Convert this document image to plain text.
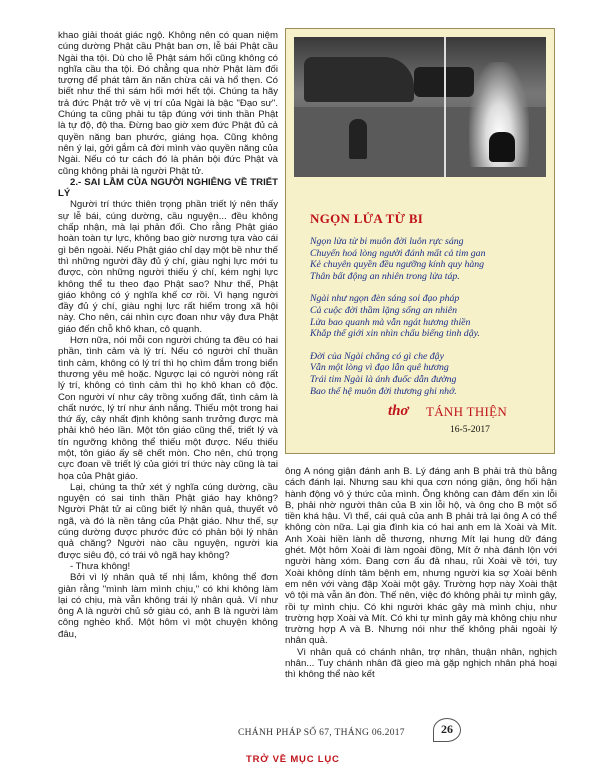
khao giải thoát giác ngộ. Không nên có quan niệm cúng dường Phật cầu Phật ban ơn, lễ bái Phật cầu Ngài tha tội. Dù cho lễ Phật sám hối cũng không có nghĩa cầu tha tội. Đó chẳng qua nhờ Phật làm đối tượng để phát tâm ăn năn chừa cải và hổ thẹn. Có biết như thế thì sám hối mới hết tội. Chúng ta hãy trả đức Phật trở về vị trí của Ngài là bậc "Đạo sư". Chúng ta cũng phải tu tập đúng với tinh thần Phật là tự độ, độ tha. Đừng bao giờ xem đức Phật đủ cả quyền năng ban phước, giáng họa. Cũng không nên ý lại, gởi gắm cả đời mình vào quyền năng của Ngài. Nếu có tư cách đó là phản bội đức Phật và cũng không phải là người Phật tử.

2.- SAI LẦM CỦA NGƯỜI NGHIÊNG VỀ TRIẾT LÝ

Người trí thức thiên trọng phần triết lý nên thấy sự lễ bái, cúng dường, cầu nguyện... đều không chấp nhận, mà lại phản đối. Cho rằng Phật giáo hoàn toàn tự lực, không bao giờ nương tựa vào cái gì bên ngoài. Nếu Phật giáo chỉ dạy một bề như thế thì những người đầy đủ ý chí, giàu nghị lực mới tu được, còn những người thiếu ý chí, kém nghị lực không thể tu theo đạo Phật sao? Như thế, Phật giáo không có ý nghĩa khế cơ rồi. Vì hạng người đầy đủ ý chí, giàu nghị lực rất hiếm trong xã hội này. Cho nên, cái nhìn cực đoan như vậy đưa Phật giáo đến chỗ khô khan, cô quạnh.

Hơn nữa, nói mỗi con người chúng ta đều có hai phần, tình cảm và lý trí. Nếu có người chỉ thuần tình cảm, không có lý trí thì họ chìm đắm trong biển thương yêu mê hoặc. Ngược lại có người nòng rất lý trí, không có tình cảm thì họ khô khan cô độc. Con người ví như cây trồng xuống đất, tình cảm là chất nước, lý trí như ánh nắng. Thiếu một trong hai thứ ấy, cây nhất định không sanh trưởng được mà phải khô héo lần. Một tôn giáo cũng thế, triết lý và tín ngưỡng không thể thiếu một được. Nếu thiếu một, tôn giáo ấy sẽ chết mòn. Cho nên, chú trọng cực đoan về triết lý của giới trí thức này cũng là tai họa của Phật giáo.

Lại, chúng ta thử xét ý nghĩa cúng dường, cầu nguyện có sai tinh thần Phật giáo hay không? Người Phật tử ai cũng biết lý nhân quả, thuyết vô ngã, và đó là nền tảng của Phật giáo. Như thế, sự cúng dường được phước đức có phản bội lý nhân quả chăng? Người nào cầu nguyện, người kia được siêu độ, có trái vô ngã hay không?

- Thưa không!

Bởi vì lý nhân quả tế nhị lắm, không thể đơn giản rằng "mình làm mình chịu," có khi không làm lại có chịu, mà vẫn không trái lý nhân quả. Ví như ông A là người chủ sở giàu có, anh B là người làm công nghèo khổ. Một hôm vì một chuyện không đâu,

NGỌN LỬA TỪ BI
Ngọn lửa từ bi muôn đời luôn rực sáng
Chuyển hoá lòng người đánh mất cả tim gan
Kẻ chuyên quyền đều ngưỡng kính quy hàng
Thân bất động an nhiên trong lửa táp.
Ngài như ngọn đèn sáng soi đạo pháp
Cả cuộc đời thầm lặng sống an nhiên
Lửa bao quanh mà vẫn ngát hương thiền
Khắp thế giới xin nhìn chấu biếng tinh dậy.
Đời của Ngài chẳng có gì che đậy
Vẫn một lòng vì đạo lẫn quê hương
Trái tim Ngài là ánh đuốc dẫn đường
Bao thế hệ muôn đời thương ghi nhớ.
thơ TÁNH THIỆN
16-5-2017

ông A nóng giận đánh anh B. Lý đáng anh B phải trả thù bằng cách đánh lại. Nhưng sau khi qua cơn nóng giận, ông hối hận hành động vô ý thức của mình. Ông không can đảm đến xin lỗi B, phải nhờ người thân của B xin lỗi hộ, và ông cho B một số tiền khá hậu. Vì thế, cái quả của anh B phải trả lại ông A có thể không còn nữa. Lại gia đình kia có hai anh em là Xoài và Mít. Anh Xoài hiền lành dễ thương, nhưng Mít lại hung dữ đáng ghét. Một hôm Xoài đi làm ngoài đồng, Mít ở nhà đánh lộn với người hàng xóm. Đang cơn ẩu đả nhau, rủi Xoài về tới, tuy Xoài không dính tâm bệnh em, nhưng người kia sợ Xoài bênh em nên với vàng đập Xoài một gậy. Trường hợp này Xoài thật vô tội mà vẫn ăn đòn. Thế nên, việc đó không phải tự mình gây, rồi tự mình chịu. Có khi người khác gây mà mình chịu, như trường hợp Xoài và Mít. Có khi tự mình gây mà không chịu như trường hợp A và B. Nhưng nói như thế không phải ngoài lý nhân quả.

Vì nhân quả có chánh nhân, trợ nhân, thuận nhân, nghịch nhân... Tuy chánh nhân đã gieo mà gặp nghịch nhân phá hoại thì không thể nào kết

CHÁNH PHÁP SỐ 67, THÁNG 06.2017	26
TRỞ VỀ MỤC LỤC
